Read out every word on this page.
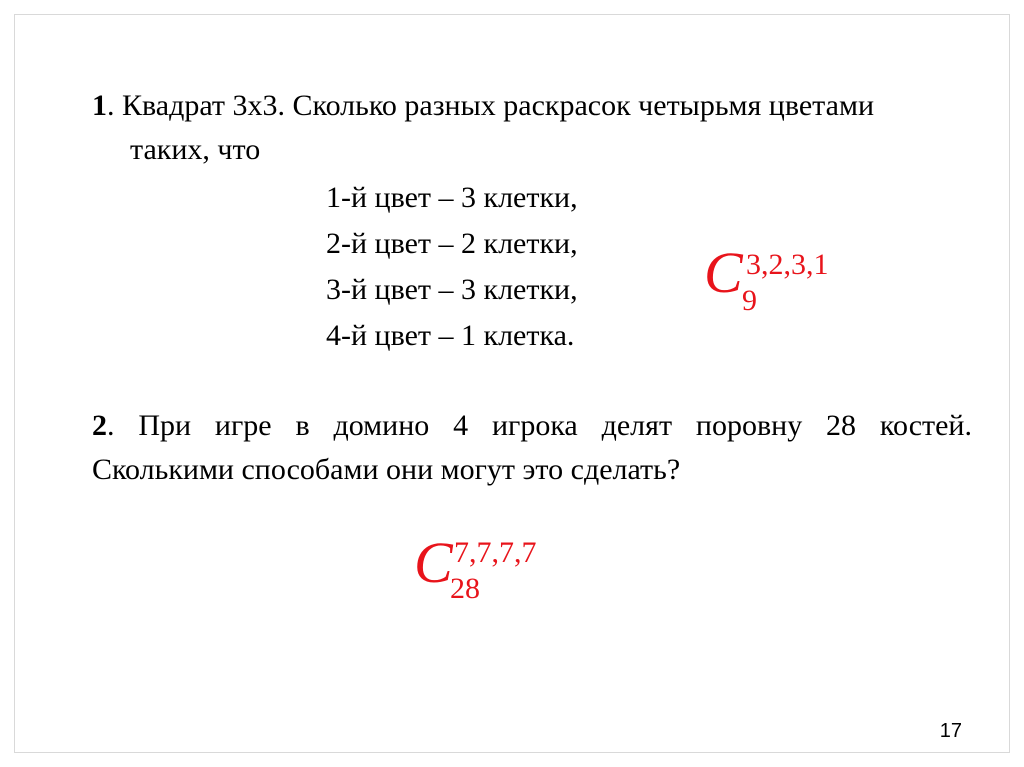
1. Квадрат 3х3. Сколько разных раскрасок четырьмя цветами
таких, что
1-й цвет – 3 клетки,
2-й цвет – 2 клетки,
3-й цвет – 3 клетки,
4-й цвет – 1 клетка.
C 3,2,3,1
9
2. При игре в домино 4 игрока делят поровну 28 костей.
Сколькими способами они могут это сделать?
C 7,7,7,7
28
17
